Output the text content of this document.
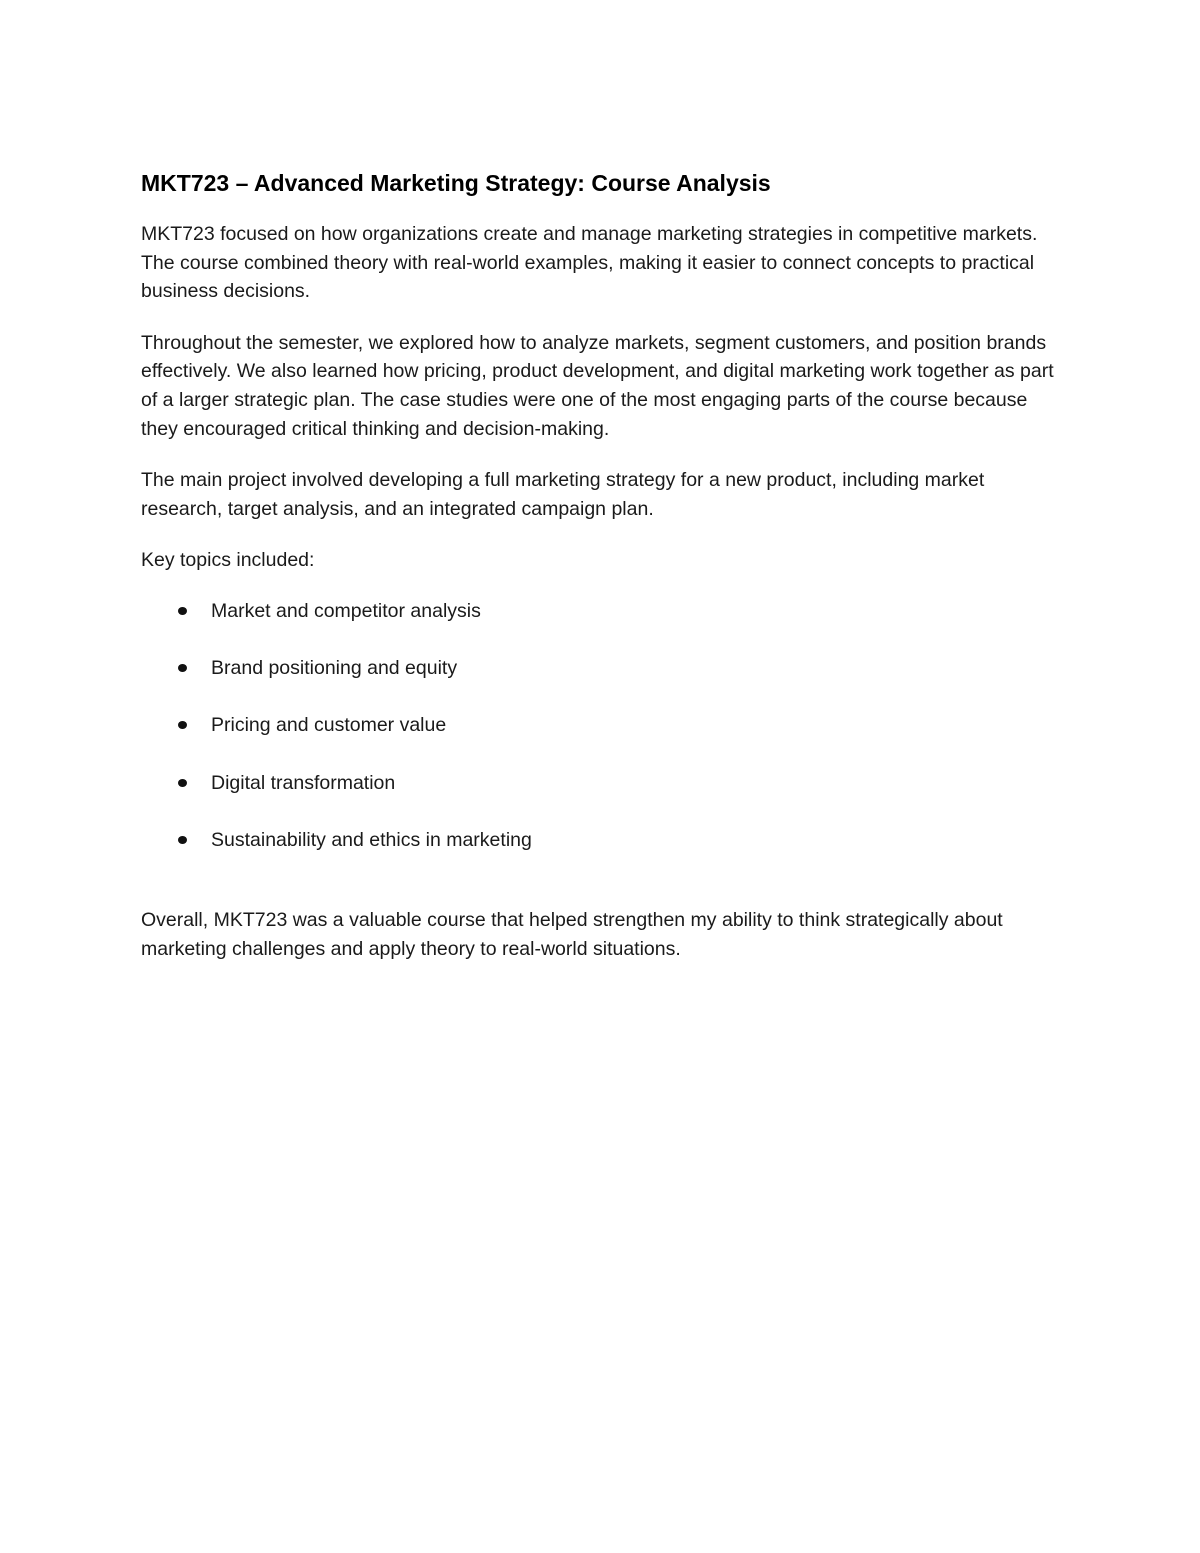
MKT723 – Advanced Marketing Strategy: Course Analysis

MKT723 focused on how organizations create and manage marketing strategies in competitive markets. The course combined theory with real-world examples, making it easier to connect concepts to practical business decisions.

Throughout the semester, we explored how to analyze markets, segment customers, and position brands effectively. We also learned how pricing, product development, and digital marketing work together as part of a larger strategic plan. The case studies were one of the most engaging parts of the course because they encouraged critical thinking and decision-making.

The main project involved developing a full marketing strategy for a new product, including market research, target analysis, and an integrated campaign plan.

Key topics included:

Market and competitor analysis
Brand positioning and equity
Pricing and customer value
Digital transformation
Sustainability and ethics in marketing

Overall, MKT723 was a valuable course that helped strengthen my ability to think strategically about marketing challenges and apply theory to real-world situations.
